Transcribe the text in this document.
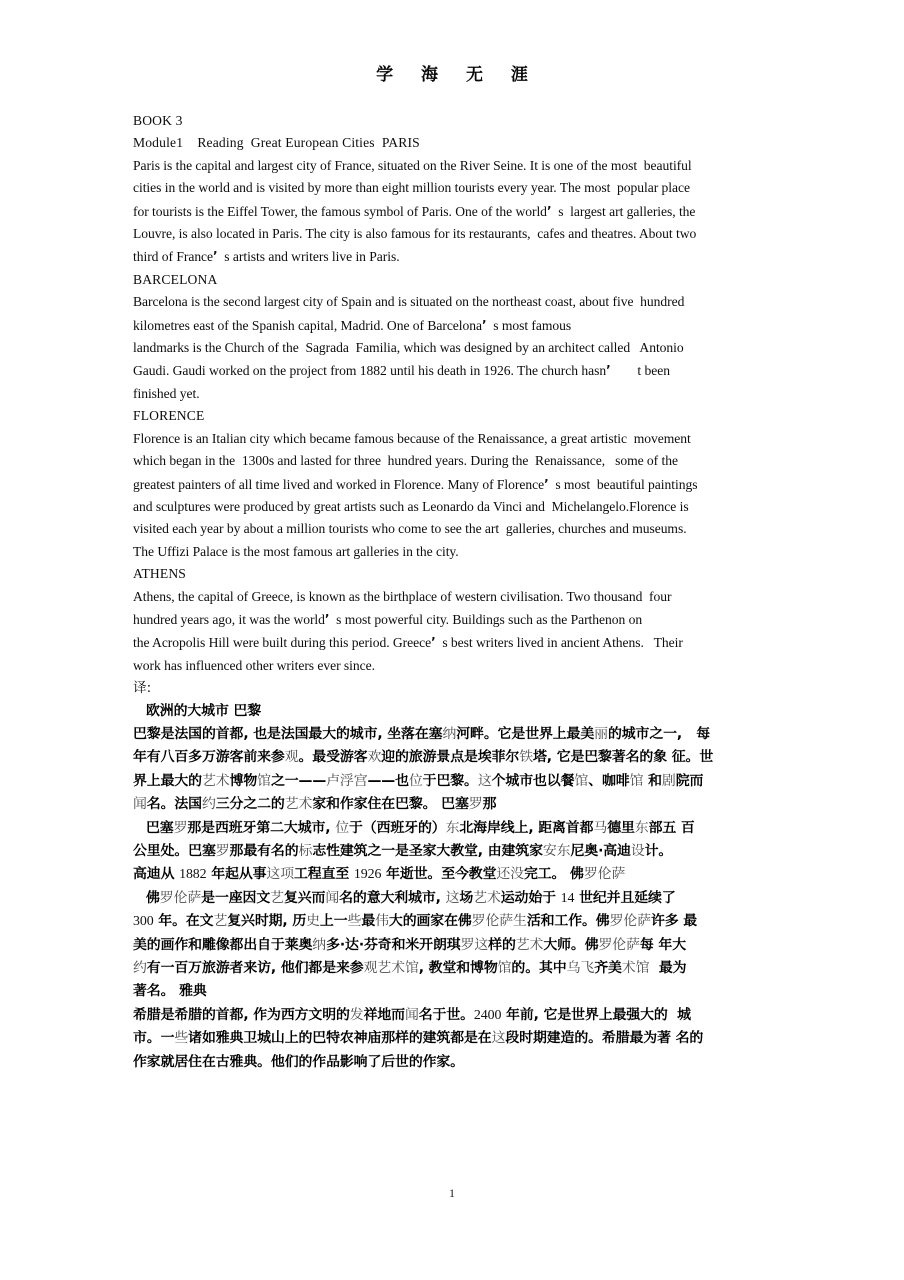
学 海 无 涯
BOOK 3
Module1    Reading  Great European Cities  PARIS
Paris is the capital and largest city of France, situated on the River Seine. It is one of the most  beautiful
cities in the world and is visited by more than eight million tourists every year. The most  popular place
for tourists is the Eiffel Tower, the famous symbol of Paris. One of the world’  s  largest art galleries, the
Louvre, is also located in Paris. The city is also famous for its restaurants,  cafes and theatres. About two
third of France’  s artists and writers live in Paris.
BARCELONA
Barcelona is the second largest city of Spain and is situated on the northeast coast, about five  hundred
kilometres east of the Spanish capital, Madrid. One of Barcelona’  s most famous
landmarks is the Church of the  Sagrada  Familia, which was designed by an architect called   Antonio
Gaudi. Gaudi worked on the project from 1882 until his death in 1926. The church hasn’        t been
finished yet.
FLORENCE
Florence is an Italian city which became famous because of the Renaissance, a great artistic  movement
which began in the  1300s and lasted for three  hundred years. During the  Renaissance,   some of the
greatest painters of all time lived and worked in Florence. Many of Florence’  s most  beautiful paintings
and sculptures were produced by great artists such as Leonardo da Vinci and  Michelangelo.Florence is
visited each year by about a million tourists who come to see the art  galleries, churches and museums.
The Uffizi Palace is the most famous art galleries in the city.
ATHENS
Athens, the capital of Greece, is known as the birthplace of western civilisation. Two thousand  four
hundred years ago, it was the world’  s most powerful city. Buildings such as the Parthenon on
the Acropolis Hill were built during this period. Greece’  s best writers lived in ancient Athens.   Their
work has influenced other writers ever since.
译:
欧洲的大城市 巴黎
巴黎是法国的首都, 也是法国最大的城市, 坐落在塞纳河畔。它是世界上最美丽的城市之一,   每
年有八百多万游客前来参观。最受游客欢迎的旅游景点是埃菲尔铁塔, 它是巴黎著名的象 征。世
界上最大的艺术博物馆之一——卢浮宫——也位于巴黎。这个城市也以餐馆、咖啡馆 和剧院而
闻名。法国约三分之二的艺术家和作家住在巴黎。 巴塞罗那
巴塞罗那是西班牙第二大城市, 位于（西班牙的）东北海岸线上, 距离首都马德里东部五 百
公里处。巴塞罗那最有名的标志性建筑之一是圣家大教堂, 由建筑家安东尼奥·高迪设计。
高迪从 1882 年起从事这项工程直至 1926 年逝世。至今教堂还没完工。 佛罗伦萨
佛罗伦萨是一座因文艺复兴而闻名的意大利城市, 这场艺术运动始于 14 世纪并且延续了
300 年。在文艺复兴时期, 历史上一些最伟大的画家在佛罗伦萨生活和工作。佛罗伦萨许多 最
美的画作和雕像都出自于莱奥纳多·达·芬奇和米开朗琪罗这样的艺术大师。佛罗伦萨每 年大
约有一百万旅游者来访, 他们都是来参观艺术馆, 教堂和博物馆的。其中乌飞齐美术馆  最为
著名。 雅典
希腊是希腊的首都, 作为西方文明的发祥地而闻名于世。2400 年前, 它是世界上最强大的  城
市。一些诸如雅典卫城山上的巴特农神庙那样的建筑都是在这段时期建造的。希腊最为著 名的
作家就居住在古雅典。他们的作品影响了后世的作家。
1
